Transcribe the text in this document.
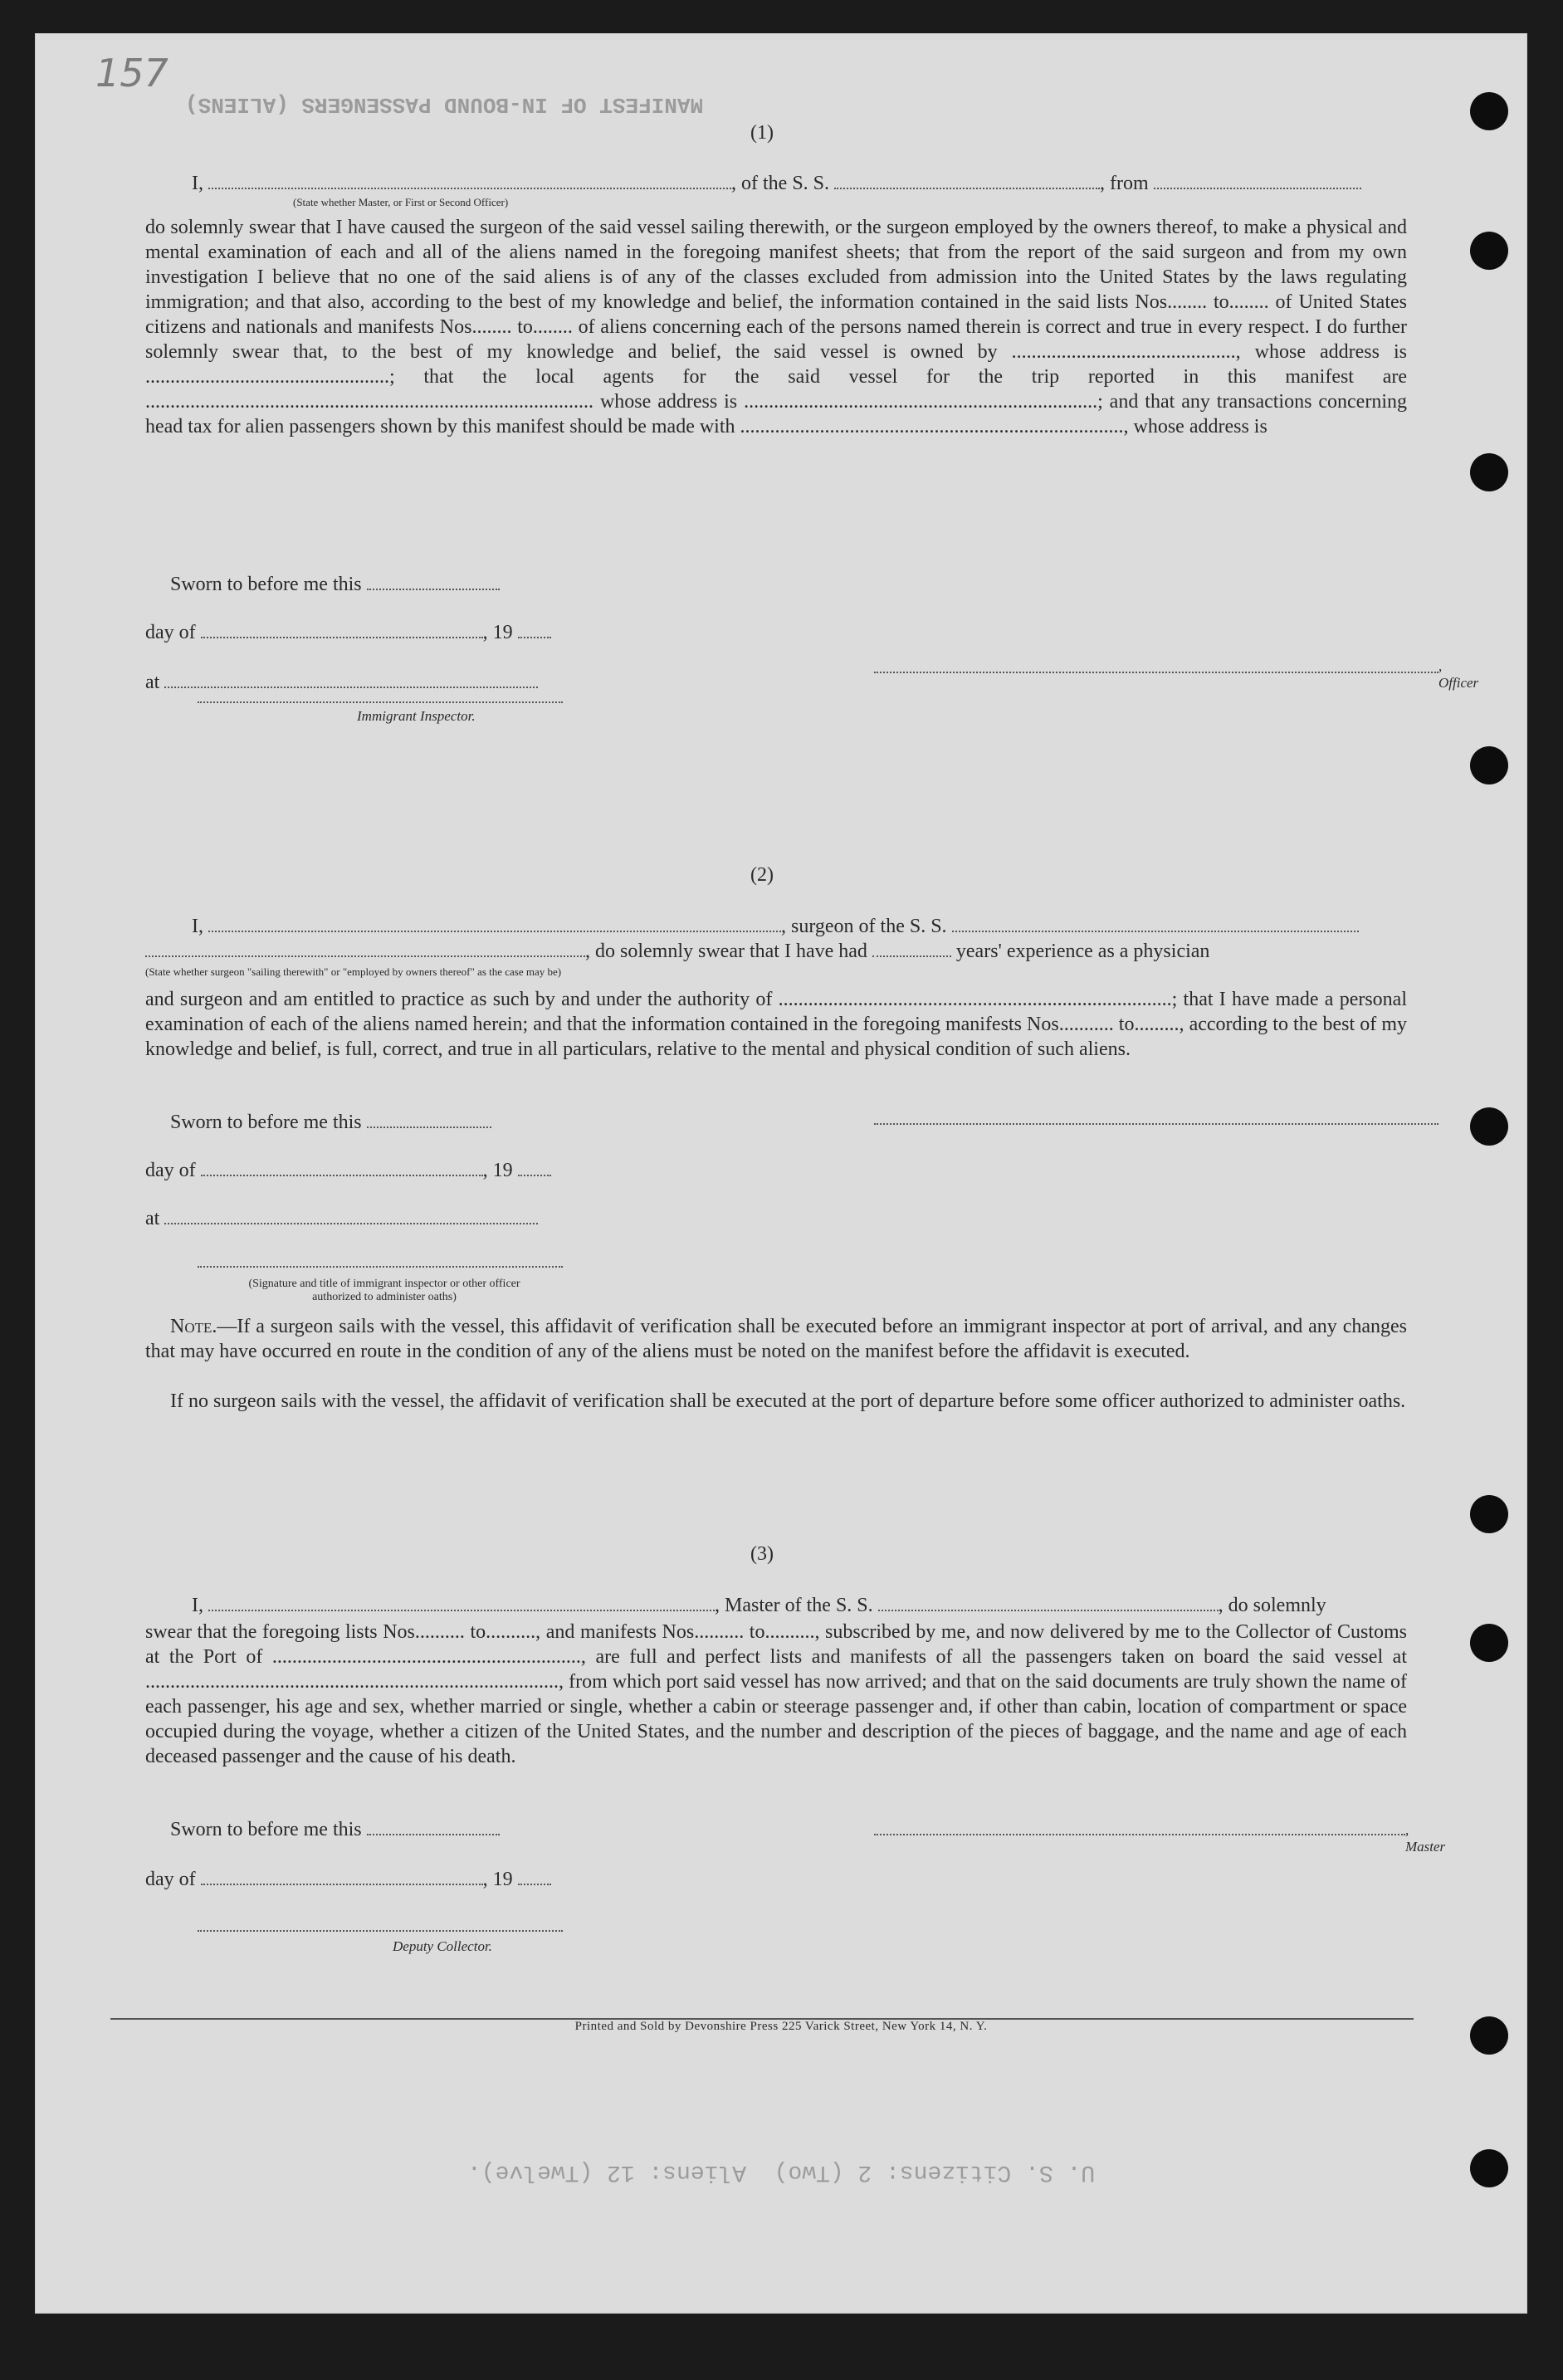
157
MANIFEST OF IN-BOUND PASSENGERS (ALIENS)
U. S. Citizens: 2 (Two)  Aliens: 12 (Twelve).
(1)
I,	, of the S. S.	, from
(State whether Master, or First or Second Officer)
do solemnly swear that I have caused the surgeon of the said vessel sailing therewith, or the surgeon employed by the owners thereof, to make a physical and mental examination of each and all of the aliens named in the foregoing manifest sheets; that from the report of the said surgeon and from my own investigation I believe that no one of the said aliens is of any of the classes excluded from admission into the United States by the laws regulating immigration; and that also, according to the best of my knowledge and belief, the information contained in the said lists Nos........ to........ of United States citizens and nationals and manifests Nos........ to........ of aliens concerning each of the persons named therein is correct and true in every respect. I do further solemnly swear that, to the best of my knowledge and belief, the said vessel is owned by ............................................., whose address is .................................................; that the local agents for the said vessel for the trip reported in this manifest are .......................................................................................... whose address is .......................................................................; and that any transactions concerning head tax for alien passengers shown by this manifest should be made with ............................................................................., whose address is
Sworn to before me this
day of	, 19
at
Immigrant Inspector.
, Officer
(2)
I,	, surgeon of the S. S.
, do solemnly swear that I have had	years' experience as a physician
(State whether surgeon "sailing therewith" or "employed by owners thereof" as the case may be)
and surgeon and am entitled to practice as such by and under the authority of ...............................................................................; that I have made a personal examination of each of the aliens named herein; and that the information contained in the foregoing manifests Nos........... to........., according to the best of my knowledge and belief, is full, correct, and true in all particulars, relative to the mental and physical condition of such aliens.
Sworn to before me this
day of	, 19
at
(Signature and title of immigrant inspector or other officer authorized to administer oaths)
Note.—If a surgeon sails with the vessel, this affidavit of verification shall be executed before an immigrant inspector at port of arrival, and any changes that may have occurred en route in the condition of any of the aliens must be noted on the manifest before the affidavit is executed.
If no surgeon sails with the vessel, the affidavit of verification shall be executed at the port of departure before some officer authorized to administer oaths.
(3)
I,	, Master of the S. S.	, do solemnly
swear that the foregoing lists Nos.......... to.........., and manifests Nos.......... to.........., subscribed by me, and now delivered by me to the Collector of Customs at the Port of .............................................................., are full and perfect lists and manifests of all the passengers taken on board the said vessel at ..................................................................................., from which port said vessel has now arrived; and that on the said documents are truly shown the name of each passenger, his age and sex, whether married or single, whether a cabin or steerage passenger and, if other than cabin, location of compartment or space occupied during the voyage, whether a citizen of the United States, and the number and description of the pieces of baggage, and the name and age of each deceased passenger and the cause of his death.
Sworn to before me this	, Master
day of	, 19
Deputy Collector.
Printed and Sold by Devonshire Press 225 Varick Street, New York 14, N. Y.
